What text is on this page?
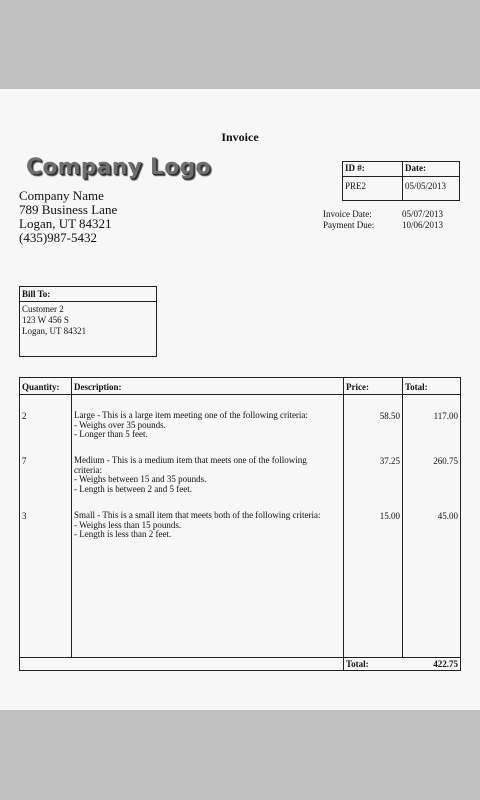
Invoice
Company Logo
Company Name
789 Business Lane
Logan, UT 84321
(435)987-5432
ID #:	Date:
PRE2	05/05/2013
Invoice Date:	05/07/2013
Payment Due:	10/06/2013
Bill To:
Customer 2
123 W 456 S
Logan, UT 84321
Quantity:	Description:	Price:	Total:
2	Large - This is a large item meeting one of the following criteria:
- Weighs over 35 pounds.
- Longer than 5 feet.	58.50	117.00
7	Medium - This is a medium item that meets one of the following
criteria:
- Weighs between 15 and 35 pounds.
- Length is between 2 and 5 feet.	37.25	260.75
3	Small - This is a small item that meets both of the following criteria:
- Weighs less than 15 pounds.
- Length is less than 2 feet.	15.00	45.00

		Total:	422.75
